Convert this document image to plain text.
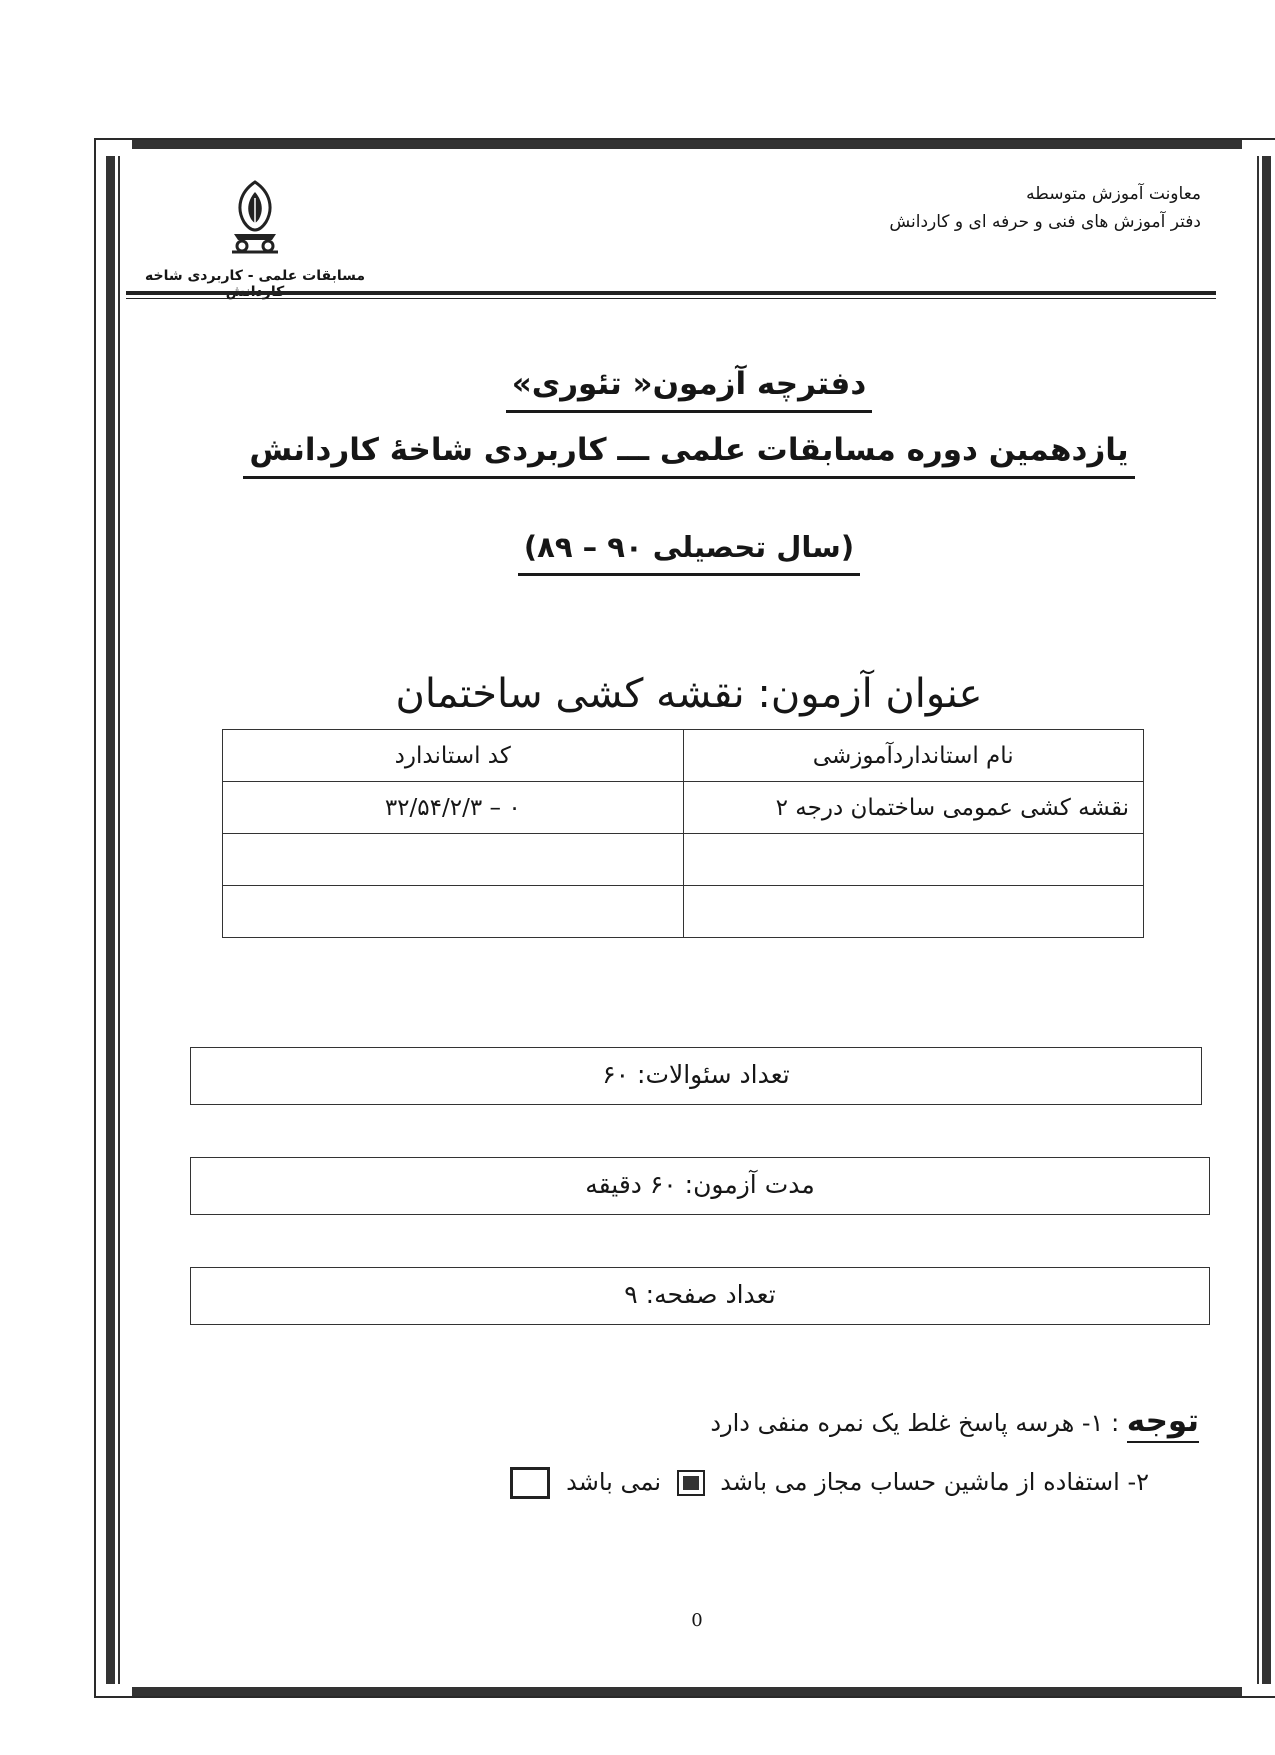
معاونت آموزش متوسطه
دفتر آموزش های فنی و حرفه ای و کاردانش
مسابقات علمی - کاربردی شاخه
دفترچه آزمون« تئوری»
یازدهمین دوره مسابقات علمی ـــ کاربردی شاخهٔ کاردانش
(سال تحصیلی ۹۰ – ۸۹)
عنوان آزمون: نقشه کشی ساختمان
نام استاندارد‌آموزشی	کد استاندارد
نقشه کشی عمومی ساختمان درجه ۲	۰ – ۳۲/۵۴/۲/۳

تعداد سئوالات: ۶۰
مدت آزمون: ۶۰ دقیقه
تعداد صفحه: ۹
توجه : ۱- هرسه پاسخ غلط یک نمره منفی دارد
۲- استفاده از ماشین حساب مجاز می باشد  نمی باشد
0
